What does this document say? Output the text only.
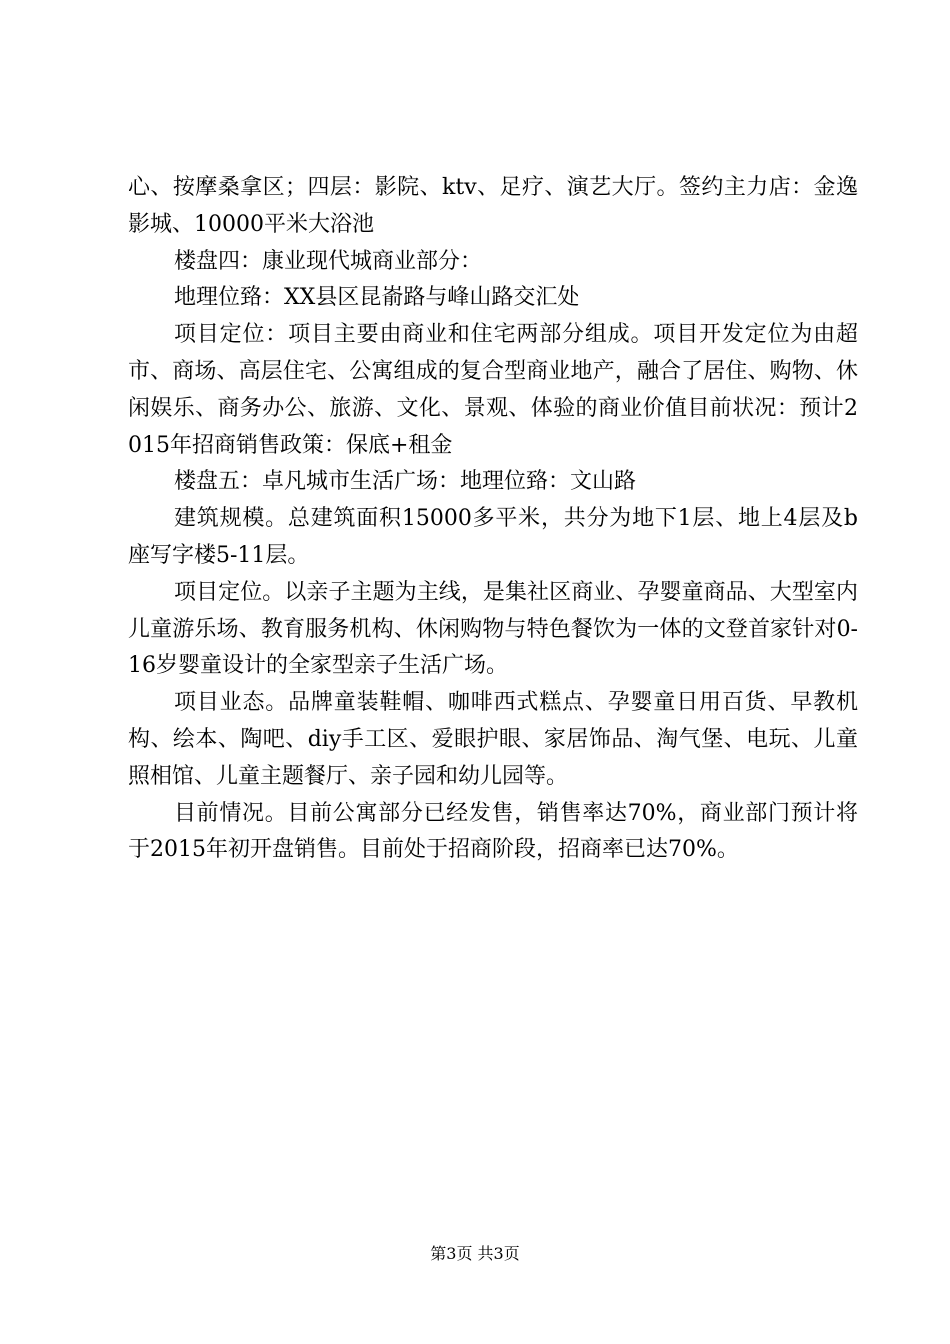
心、按摩桑拿区；四层：影院、ktv、足疗、演艺大厅。签约主力店：金逸影城、10000平米大浴池

楼盘四：康业现代城商业部分：

地理位臵：XX县区昆嵛路与峰山路交汇处

项目定位：项目主要由商业和住宅两部分组成。项目开发定位为由超市、商场、高层住宅、公寓组成的复合型商业地产，融合了居住、购物、休闲娱乐、商务办公、旅游、文化、景观、体验的商业价值目前状况：预计2015年招商销售政策：保底+租金

楼盘五：卓凡城市生活广场：地理位臵：文山路

建筑规模。总建筑面积15000多平米，共分为地下1层、地上4层及b座写字楼5-11层。

项目定位。以亲子主题为主线，是集社区商业、孕婴童商品、大型室内儿童游乐场、教育服务机构、休闲购物与特色餐饮为一体的文登首家针对0-16岁婴童设计的全家型亲子生活广场。

项目业态。品牌童装鞋帽、咖啡西式糕点、孕婴童日用百货、早教机构、绘本、陶吧、diy手工区、爱眼护眼、家居饰品、淘气堡、电玩、儿童照相馆、儿童主题餐厅、亲子园和幼儿园等。

目前情况。目前公寓部分已经发售，销售率达70%，商业部门预计将于2015年初开盘销售。目前处于招商阶段，招商率已达70%。

第3页 共3页
